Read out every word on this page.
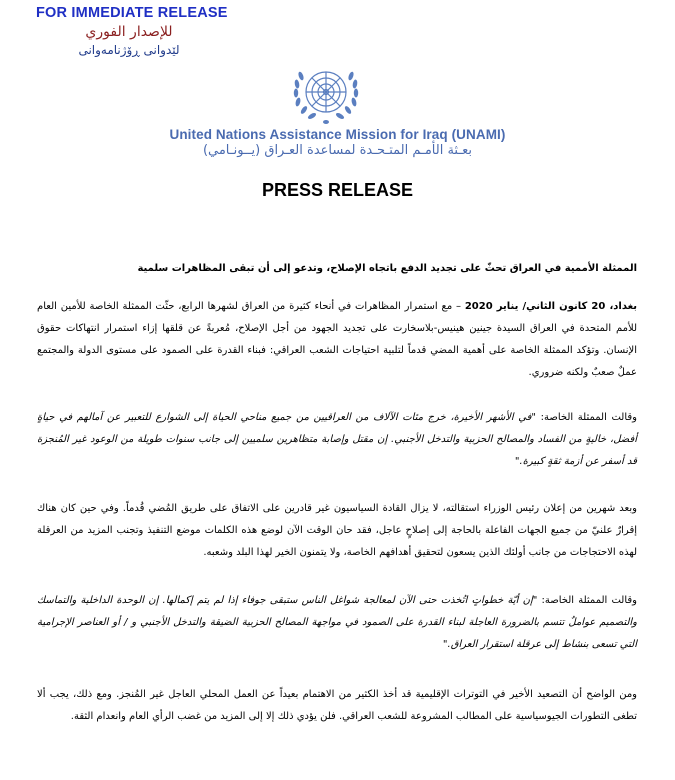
FOR IMMEDIATE RELEASE
للإصدار الفوري
لێدوانی ڕۆژنامەوانی
United Nations Assistance Mission for Iraq (UNAMI)
بعـثة الأمـم المتـحـدة لمساعدة العـراق (يــونـامي)
PRESS RELEASE
الممثلة الأممية في العراق تحثّ على تجديد الدفع باتجاه الإصلاح، وتدعو إلى أن تبقى المظاهرات سلمية
بغداد، 20 كانون الثاني/ يناير 2020 – مع استمرار المظاهرات في أنحاء كثيرة من العراق لشهرها الرابع، حثّت الممثلة الخاصة للأمين العام للأمم المتحدة في العراق السيدة جينين هينيس-بلاسخارت على تجديد الجهود من أجل الإصلاح، مُعربةً عن قلقها إزاء استمرار انتهاكات حقوق الإنسان. وتؤكد الممثلة الخاصة على أهمية المضي قدماً لتلبية احتياجات الشعب العراقي: فبناء القدرة على الصمود على مستوى الدولة والمجتمع عملٌ صعبٌ ولكنه ضروري.
وقالت الممثلة الخاصة: "في الأشهر الأخيرة، خرج مئات الآلاف من العراقيين من جميع مناحي الحياة إلى الشوارع للتعبير عن آمالهم في حياةٍ أفضل، خاليةٍ من الفساد والمصالح الحزبية والتدخل الأجنبي. إن مقتل وإصابة متظاهرين سلميين إلى جانب سنوات طويلة من الوعود غير المُنجزة قد أسفر عن أزمة ثقةٍ كبيرة."
وبعد شهرين من إعلان رئيس الوزراء استقالته، لا يزال القادة السياسيون غير قادرين على الاتفاق على طريق المُضي قُدماً. وفي حين كان هناك إقرارٌ علنيّ من جميع الجهات الفاعلة بالحاجة إلى إصلاحٍ عاجل، فقد حان الوقت الآن لوضع هذه الكلمات موضع التنفيذ وتجنب المزيد من العرقلة لهذه الاحتجاجات من جانب أولئك الذين يسعون لتحقيق أهدافهم الخاصة، ولا يتمنون الخير لهذا البلد وشعبه.
وقالت الممثلة الخاصة: "إن أيّة خطواتٍ اتُخذت حتى الآن لمعالجة شواغل الناس ستبقى جوفاء إذا لم يتم إكمالها. إن الوحدة الداخلية والتماسك والتصميم عواملٌ تتسم بالضرورة العاجلة لبناء القدرة على الصمود في مواجهة المصالح الحزبية الضيقة والتدخل الأجنبي و / أو العناصر الإجرامية التي تسعى بنشاط إلى عرقلة استقرار العراق."
ومن الواضح أن التصعيد الأخير في التوترات الإقليمية قد أخذ الكثير من الاهتمام بعيداً عن العمل المحلي العاجل غير المُنجز. ومع ذلك، يجب ألا تطغى التطورات الجيوسياسية على المطالب المشروعة للشعب العراقي. فلن يؤدي ذلك إلا إلى المزيد من غضب الرأي العام وانعدام الثقة.
